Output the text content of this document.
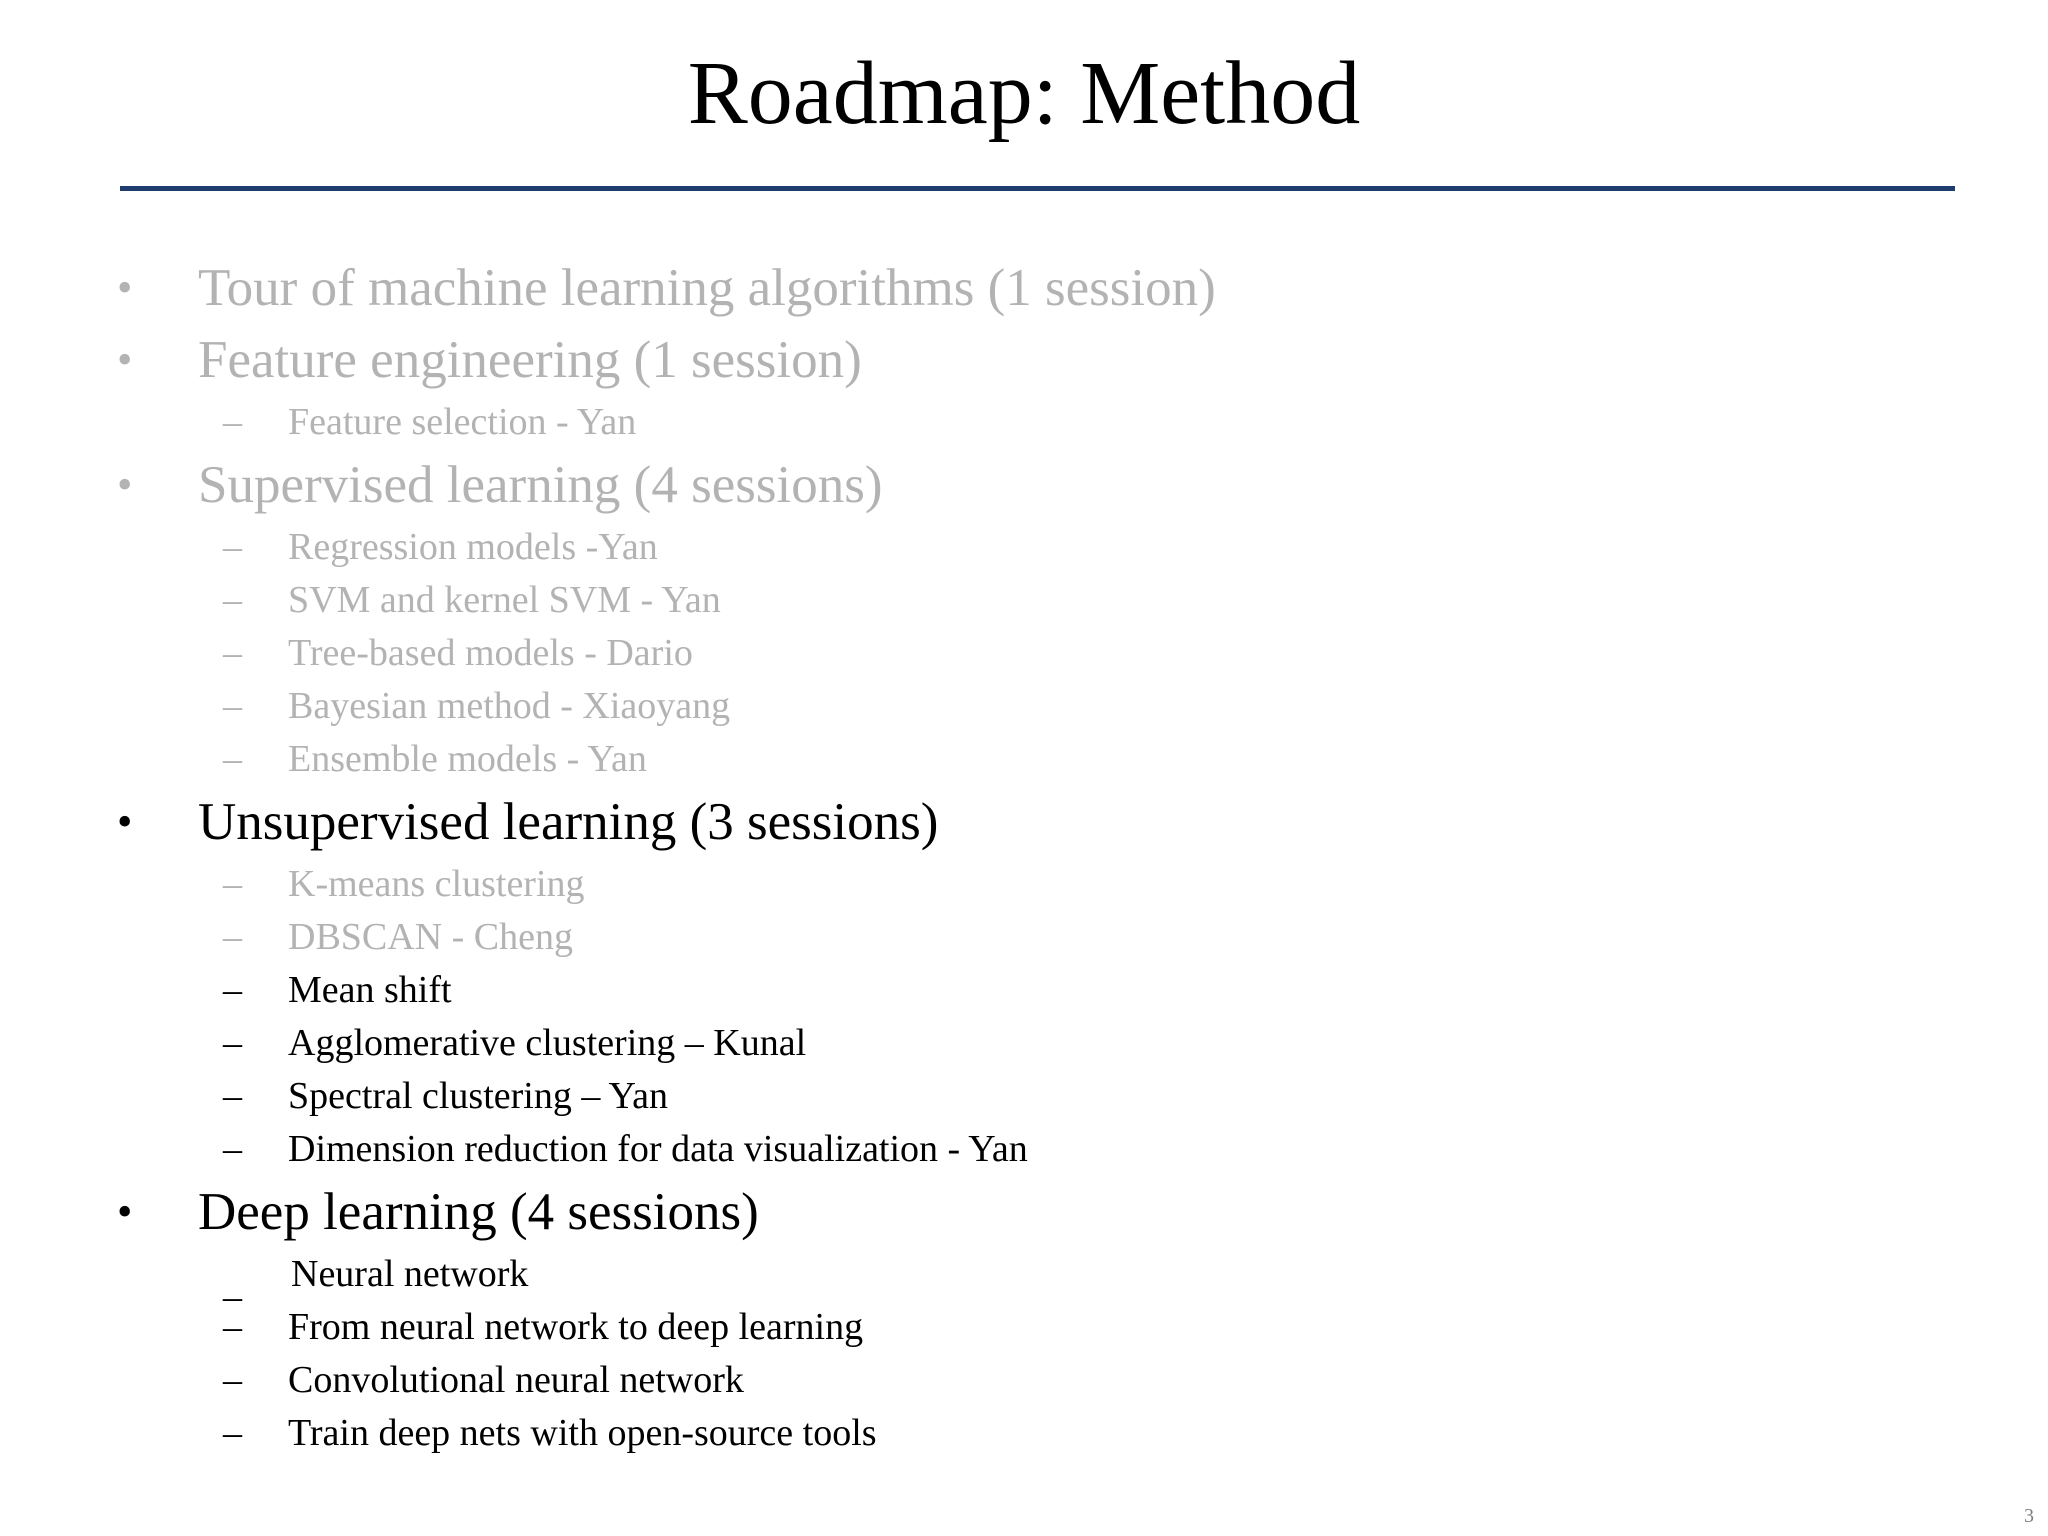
Roadmap: Method
• Tour of machine learning algorithms (1 session)
• Feature engineering (1 session)
– Feature selection - Yan
• Supervised learning (4 sessions)
– Regression models -Yan
– SVM and kernel SVM - Yan
– Tree-based models - Dario
– Bayesian method - Xiaoyang
– Ensemble models - Yan
• Unsupervised learning (3 sessions)
– K-means clustering
– DBSCAN - Cheng
– Mean shift
– Agglomerative clustering – Kunal
– Spectral clustering – Yan
– Dimension reduction for data visualization - Yan
• Deep learning (4 sessions)
_ Neural network
– From neural network to deep learning
– Convolutional neural network
– Train deep nets with open-source tools
3
